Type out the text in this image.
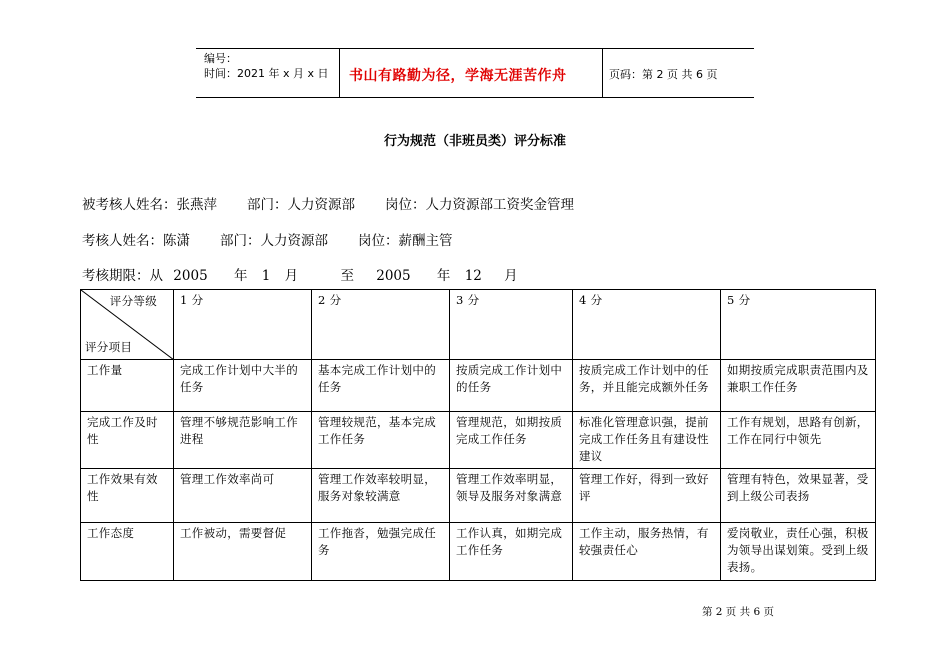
编号：
时间：2021 年 x 月 x 日 书山有路勤为径，学海无涯苦作舟	页码：第 2 页 共 6 页
行为规范（非班员类）评分标准
被考核人姓名：张燕萍 部门：人力资源部 岗位：人力资源部工资奖金管理
考核人姓名：陈潇 部门：人力资源部 岗位：薪酬主管
考核期限：从 2005 年 1 月	至 2005 年 12 月
评分等级
评分项目	1 分	2 分	3 分	4 分	5 分
工作量	完成工作计划中大半的任务	基本完成工作计划中的任务	按质完成工作计划中的任务	按质完成工作计划中的任务，并且能完成额外任务	如期按质完成职责范围内及兼职工作任务
完成工作及时性	管理不够规范影响工作进程	管理较规范，基本完成工作任务	管理规范，如期按质完成工作任务	标准化管理意识强，提前完成工作任务且有建设性建议	工作有规划，思路有创新，工作在同行中领先
工作效果有效性	管理工作效率尚可	管理工作效率较明显，服务对象较满意	管理工作效率明显，领导及服务对象满意	管理工作好，得到一致好评	管理有特色，效果显著，受到上级公司表扬
工作态度	工作被动，需要督促	工作拖沓，勉强完成任务	工作认真，如期完成工作任务	工作主动，服务热情，有较强责任心	爱岗敬业，责任心强，积极为领导出谋划策。受到上级表扬。
第 2 页 共 6 页
